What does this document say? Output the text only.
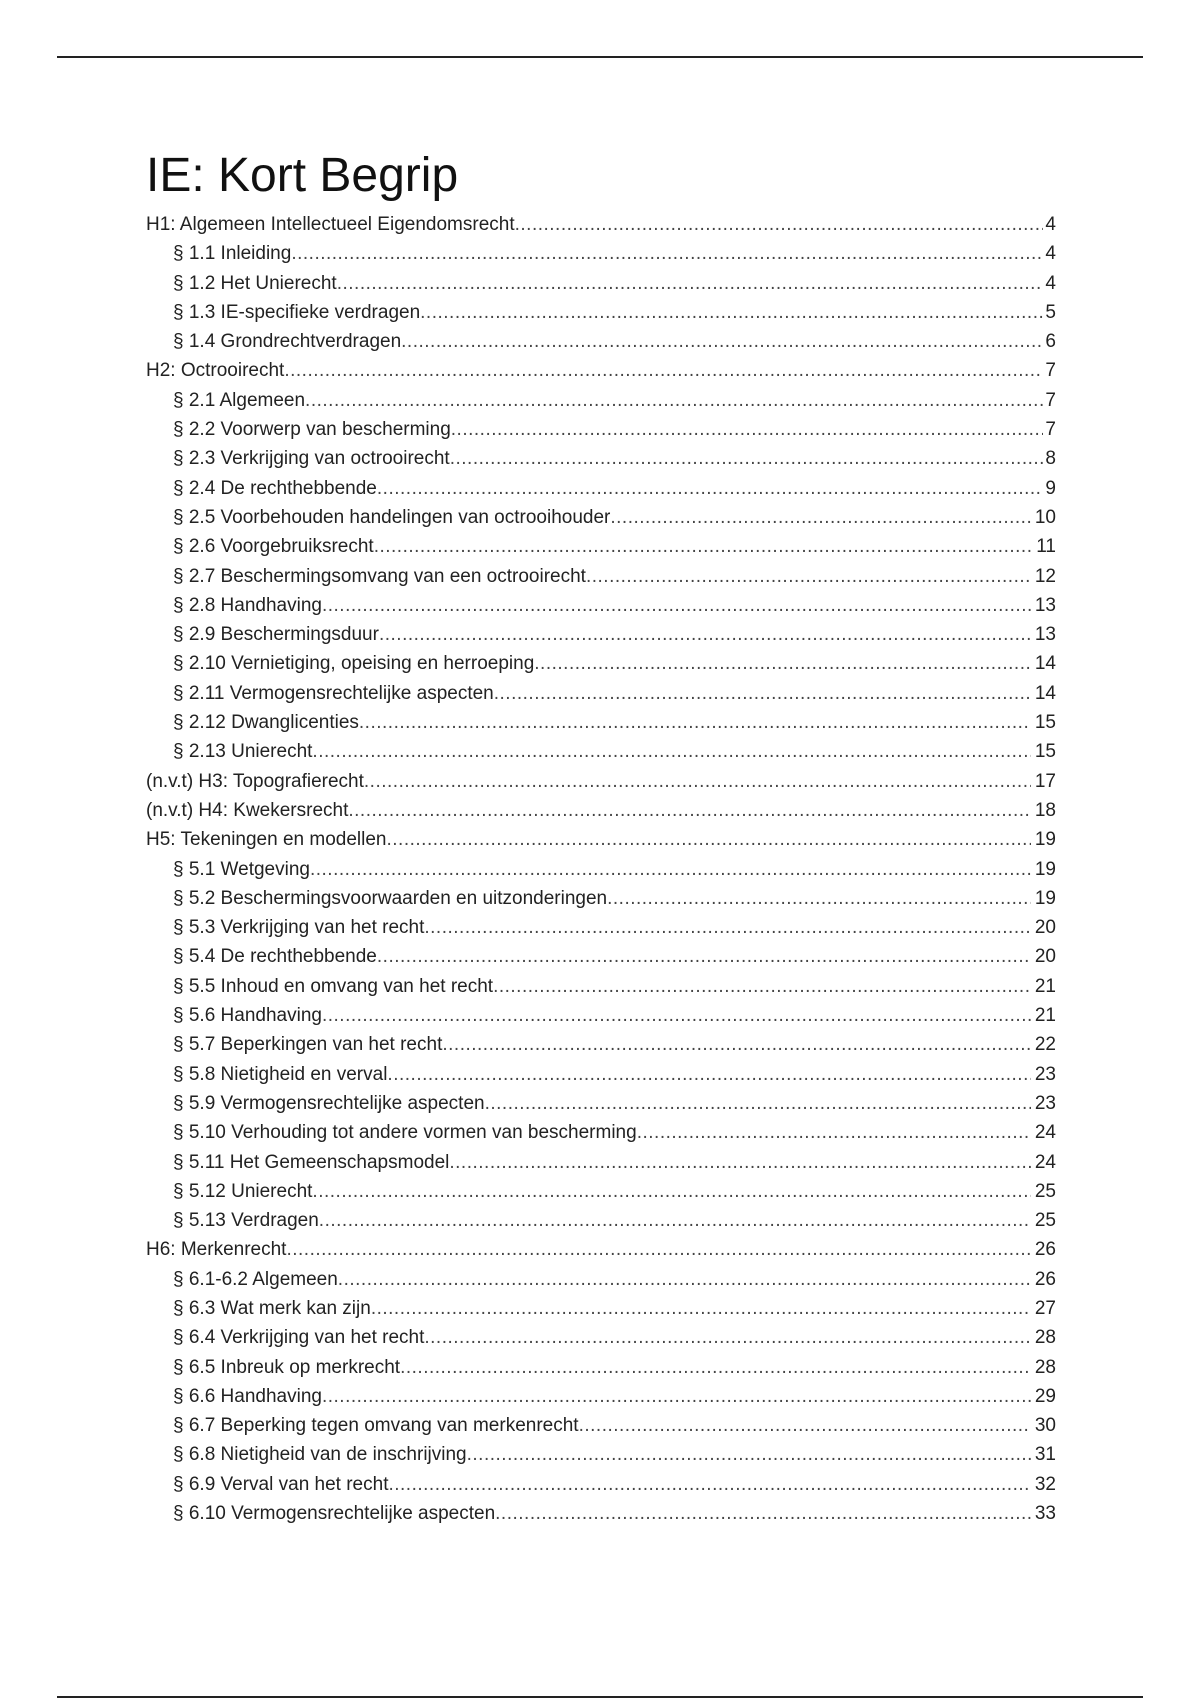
IE: Kort Begrip
H1: Algemeen Intellectueel Eigendomsrecht .....	4
§ 1.1 Inleiding .....	4
§ 1.2 Het Unierecht .....	4
§ 1.3 IE-specifieke verdragen .....	5
§ 1.4 Grondrechtverdragen .....	6
H2: Octrooirecht .....	7
§ 2.1 Algemeen .....	7
§ 2.2 Voorwerp van bescherming .....	7
§ 2.3 Verkrijging van octrooirecht .....	8
§ 2.4 De rechthebbende .....	9
§ 2.5 Voorbehouden handelingen van octrooihouder .....	10
§ 2.6 Voorgebruiksrecht .....	11
§ 2.7 Beschermingsomvang van een octrooirecht .....	12
§ 2.8 Handhaving .....	13
§ 2.9 Beschermingsduur .....	13
§ 2.10 Vernietiging, opeising en herroeping .....	14
§ 2.11 Vermogensrechtelijke aspecten .....	14
§ 2.12 Dwanglicenties .....	15
§ 2.13 Unierecht .....	15
(n.v.t) H3: Topografierecht .....	17
(n.v.t) H4: Kwekersrecht .....	18
H5: Tekeningen en modellen .....	19
§ 5.1 Wetgeving .....	19
§ 5.2 Beschermingsvoorwaarden en uitzonderingen .....	19
§ 5.3 Verkrijging van het recht .....	20
§ 5.4 De rechthebbende .....	20
§ 5.5 Inhoud en omvang van het recht .....	21
§ 5.6 Handhaving .....	21
§ 5.7 Beperkingen van het recht .....	22
§ 5.8 Nietigheid en verval .....	23
§ 5.9 Vermogensrechtelijke aspecten .....	23
§ 5.10 Verhouding tot andere vormen van bescherming .....	24
§ 5.11 Het Gemeenschapsmodel .....	24
§ 5.12 Unierecht .....	25
§ 5.13 Verdragen .....	25
H6: Merkenrecht .....	26
§ 6.1-6.2 Algemeen .....	26
§ 6.3 Wat merk kan zijn .....	27
§ 6.4 Verkrijging van het recht .....	28
§ 6.5 Inbreuk op merkrecht .....	28
§ 6.6 Handhaving .....	29
§ 6.7 Beperking tegen omvang van merkenrecht .....	30
§ 6.8 Nietigheid van de inschrijving .....	31
§ 6.9 Verval van het recht .....	32
§ 6.10 Vermogensrechtelijke aspecten .....	33
